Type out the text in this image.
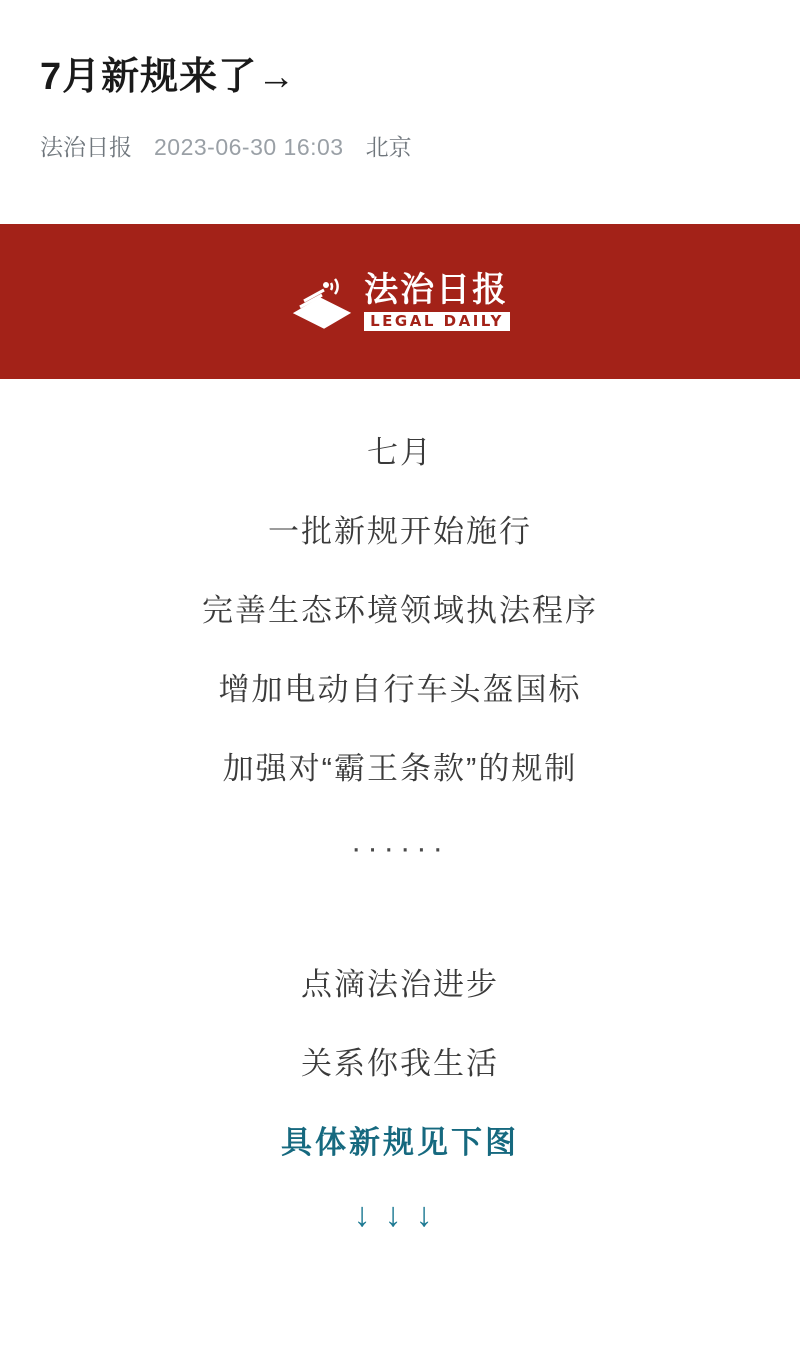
7月新规来了→
法治日报 2023-06-30 16:03 北京
法治日报
LEGAL DAILY

七月

一批新规开始施行

完善生态环境领域执法程序

增加电动自行车头盔国标

加强对“霸王条款”的规制

······

点滴法治进步

关系你我生活

具体新规见下图

↓↓↓
